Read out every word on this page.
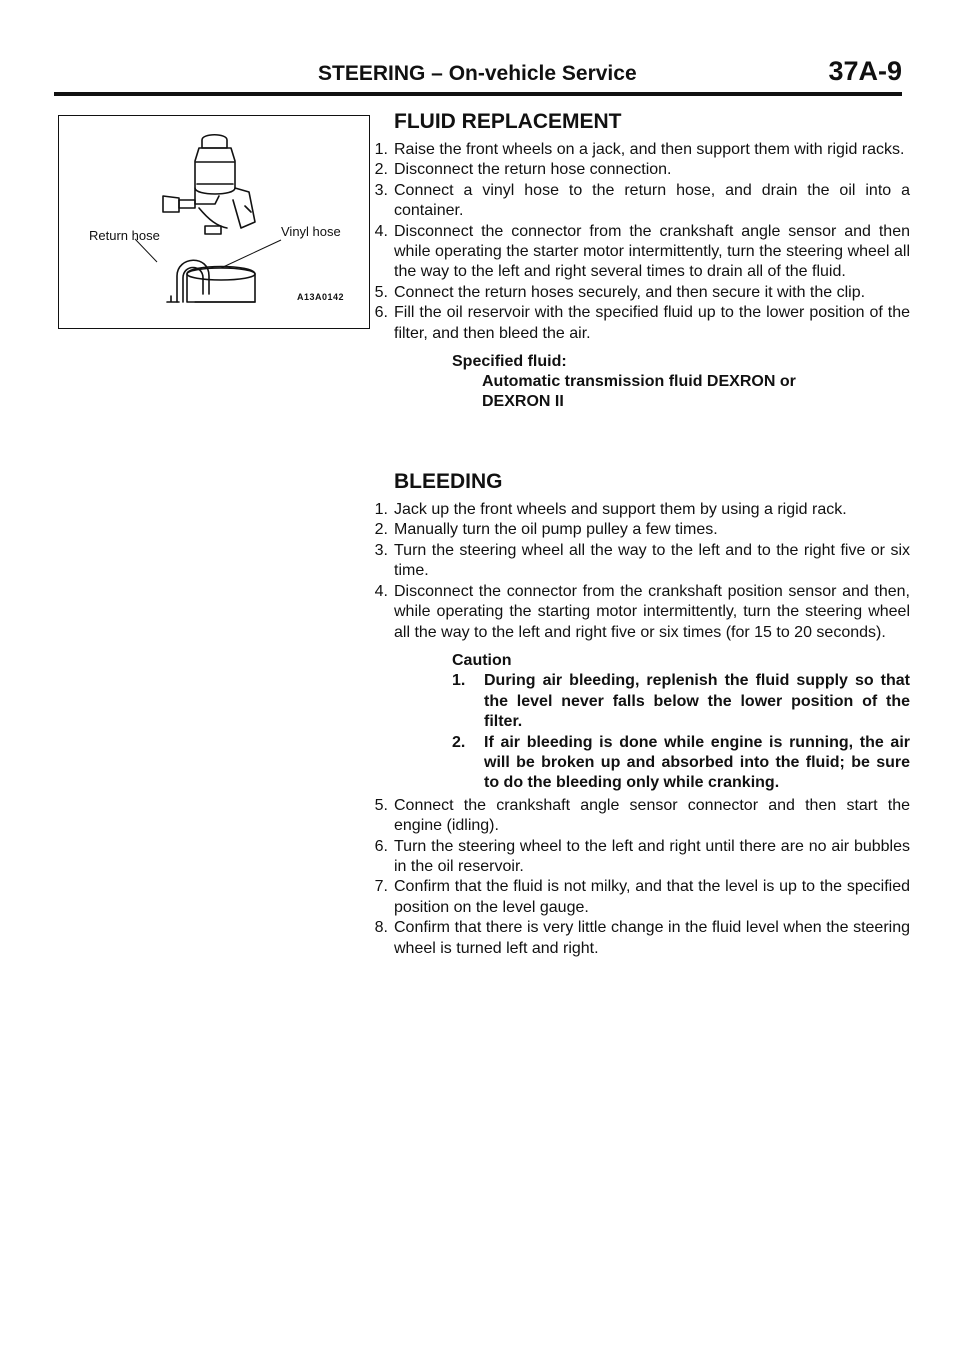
STEERING – On-vehicle Service	37A-9
Return hose	Vinyl hose
A13A0142
FLUID REPLACEMENT
1. Raise the front wheels on a jack, and then support them with rigid racks.
2. Disconnect the return hose connection.
3. Connect a vinyl hose to the return hose, and drain the oil into a container.
4. Disconnect the connector from the crankshaft angle sensor and then while operating the starter motor intermittently, turn the steering wheel all the way to the left and right several times to drain all of the fluid.
5. Connect the return hoses securely, and then secure it with the clip.
6. Fill the oil reservoir with the specified fluid up to the lower position of the filter, and then bleed the air.
Specified fluid:
Automatic transmission fluid DEXRON or
DEXRON II
BLEEDING
1. Jack up the front wheels and support them by using a rigid rack.
2. Manually turn the oil pump pulley a few times.
3. Turn the steering wheel all the way to the left and to the right five or six time.
4. Disconnect the connector from the crankshaft position sensor and then, while operating the starting motor intermittently, turn the steering wheel all the way to the left and right five or six times (for 15 to 20 seconds).
Caution
1. During air bleeding, replenish the fluid supply so that the level never falls below the lower position of the filter.
2. If air bleeding is done while engine is running, the air will be broken up and absorbed into the fluid; be sure to do the bleeding only while cranking.
5. Connect the crankshaft angle sensor connector and then start the engine (idling).
6. Turn the steering wheel to the left and right until there are no air bubbles in the oil reservoir.
7. Confirm that the fluid is not milky, and that the level is up to the specified position on the level gauge.
8. Confirm that there is very little change in the fluid level when the steering wheel is turned left and right.
